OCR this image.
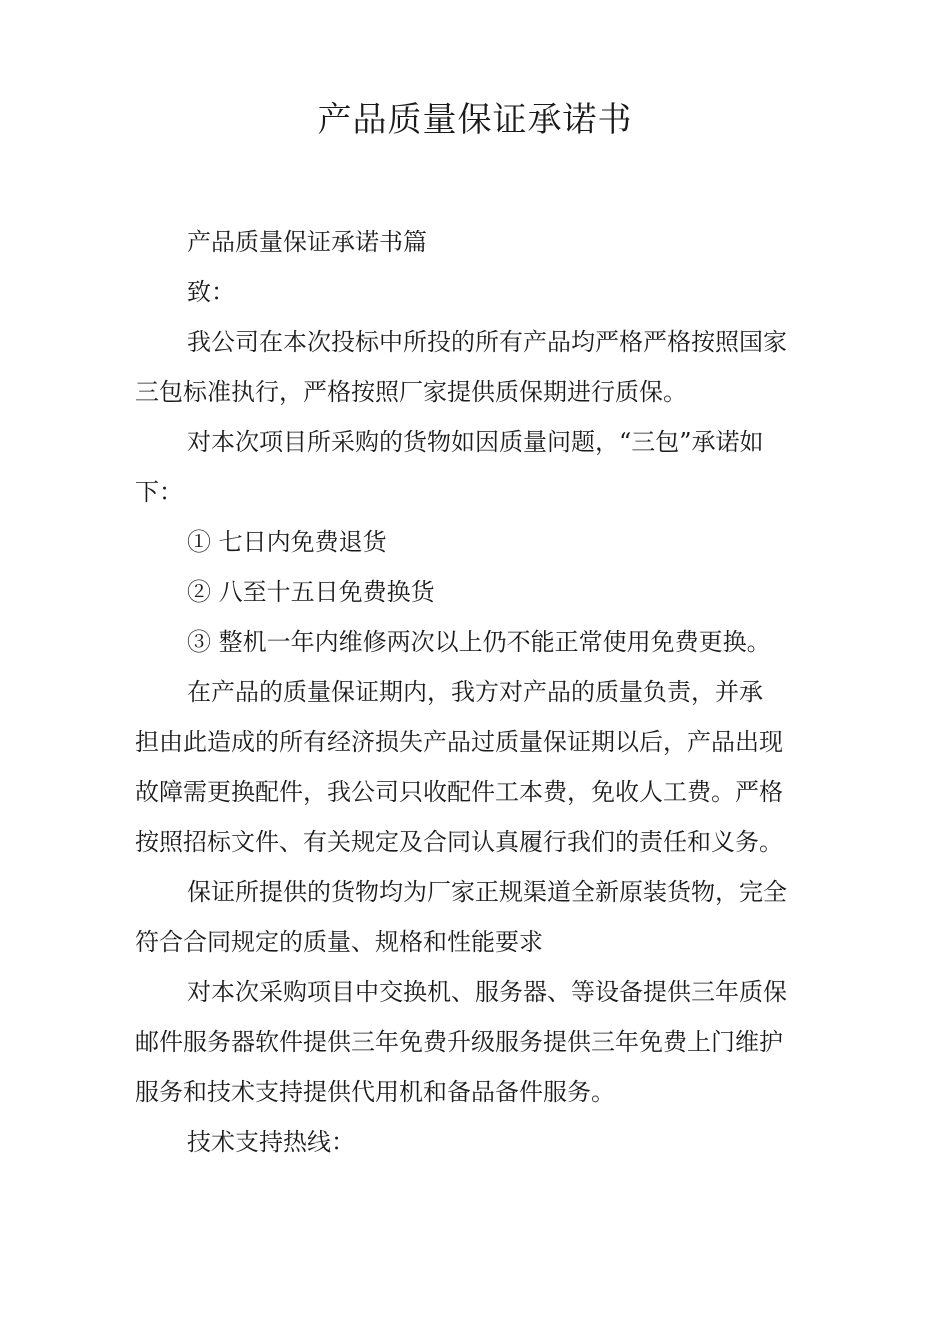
产品质量保证承诺书
产品质量保证承诺书篇
致：
我公司在本次投标中所投的所有产品均严格严格按照国家
三包标准执行，严格按照厂家提供质保期进行质保。
对本次项目所采购的货物如因质量问题，“三包”承诺如
下：
① 七日内免费退货
② 八至十五日免费换货
③ 整机一年内维修两次以上仍不能正常使用免费更换。
在产品的质量保证期内，我方对产品的质量负责，并承
担由此造成的所有经济损失产品过质量保证期以后，产品出现
故障需更换配件，我公司只收配件工本费，免收人工费。严格
按照招标文件、有关规定及合同认真履行我们的责任和义务。
保证所提供的货物均为厂家正规渠道全新原装货物，完全
符合合同规定的质量、规格和性能要求
对本次采购项目中交换机、服务器、等设备提供三年质保
邮件服务器软件提供三年免费升级服务提供三年免费上门维护
服务和技术支持提供代用机和备品备件服务。
技术支持热线：
